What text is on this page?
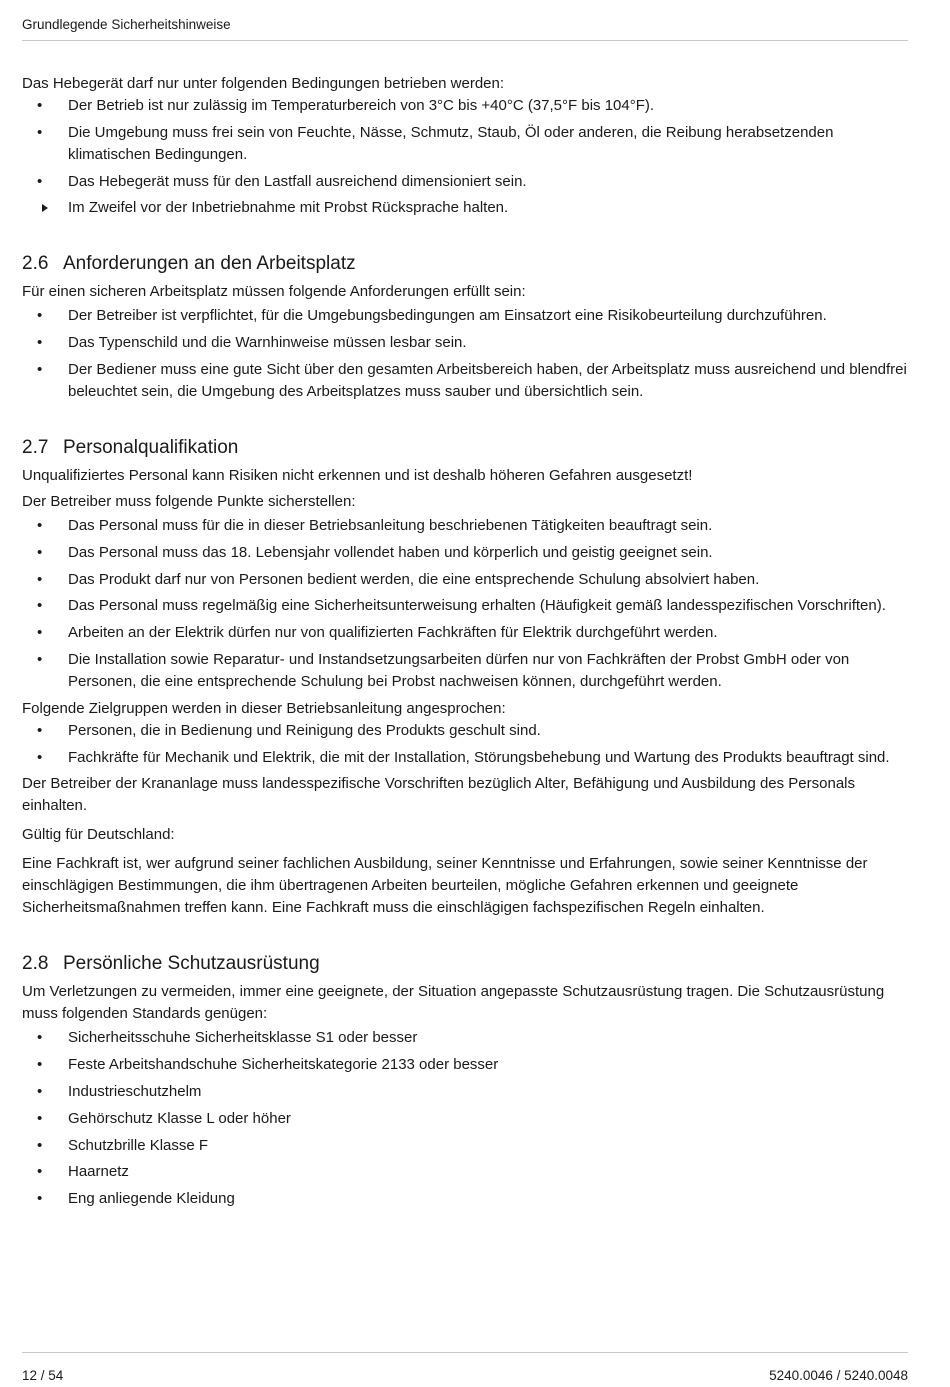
Grundlegende Sicherheitshinweise

Das Hebegerät darf nur unter folgenden Bedingungen betrieben werden:

• Der Betrieb ist nur zulässig im Temperaturbereich von 3°C bis +40°C (37,5°F bis 104°F).
• Die Umgebung muss frei sein von Feuchte, Nässe, Schmutz, Staub, Öl oder anderen, die Reibung herabsetzenden klimatischen Bedingungen.
• Das Hebegerät muss für den Lastfall ausreichend dimensioniert sein.
Im Zweifel vor der Inbetriebnahme mit Probst Rücksprache halten.
2.6 Anforderungen an den Arbeitsplatz

Für einen sicheren Arbeitsplatz müssen folgende Anforderungen erfüllt sein:

• Der Betreiber ist verpflichtet, für die Umgebungsbedingungen am Einsatzort eine Risikobeurteilung durchzuführen.
• Das Typenschild und die Warnhinweise müssen lesbar sein.
• Der Bediener muss eine gute Sicht über den gesamten Arbeitsbereich haben, der Arbeitsplatz muss ausreichend und blendfrei beleuchtet sein, die Umgebung des Arbeitsplatzes muss sauber und übersichtlich sein.
2.7 Personalqualifikation

Unqualifiziertes Personal kann Risiken nicht erkennen und ist deshalb höheren Gefahren ausgesetzt!

Der Betreiber muss folgende Punkte sicherstellen:

• Das Personal muss für die in dieser Betriebsanleitung beschriebenen Tätigkeiten beauftragt sein.
• Das Personal muss das 18. Lebensjahr vollendet haben und körperlich und geistig geeignet sein.
• Das Produkt darf nur von Personen bedient werden, die eine entsprechende Schulung absolviert haben.
• Das Personal muss regelmäßig eine Sicherheitsunterweisung erhalten (Häufigkeit gemäß landesspezifischen Vorschriften).
• Arbeiten an der Elektrik dürfen nur von qualifizierten Fachkräften für Elektrik durchgeführt werden.
• Die Installation sowie Reparatur- und Instandsetzungsarbeiten dürfen nur von Fachkräften der Probst GmbH oder von Personen, die eine entsprechende Schulung bei Probst nachweisen können, durchgeführt werden.

Folgende Zielgruppen werden in dieser Betriebsanleitung angesprochen:

• Personen, die in Bedienung und Reinigung des Produkts geschult sind.
• Fachkräfte für Mechanik und Elektrik, die mit der Installation, Störungsbehebung und Wartung des Produkts beauftragt sind.

Der Betreiber der Krananlage muss landesspezifische Vorschriften bezüglich Alter, Befähigung und Ausbildung des Personals einhalten.

Gültig für Deutschland:

Eine Fachkraft ist, wer aufgrund seiner fachlichen Ausbildung, seiner Kenntnisse und Erfahrungen, sowie seiner Kenntnisse der einschlägigen Bestimmungen, die ihm übertragenen Arbeiten beurteilen, mögliche Gefahren erkennen und geeignete Sicherheitsmaßnahmen treffen kann. Eine Fachkraft muss die einschlägigen fachspezifischen Regeln einhalten.

2.8 Persönliche Schutzausrüstung

Um Verletzungen zu vermeiden, immer eine geeignete, der Situation angepasste Schutzausrüstung tragen. Die Schutzausrüstung muss folgenden Standards genügen:

• Sicherheitsschuhe Sicherheitsklasse S1 oder besser
• Feste Arbeitshandschuhe Sicherheitskategorie 2133 oder besser
• Industrieschutzhelm
• Gehörschutz Klasse L oder höher
• Schutzbrille Klasse F
• Haarnetz
• Eng anliegende Kleidung
12 / 54	5240.0046 / 5240.0048
